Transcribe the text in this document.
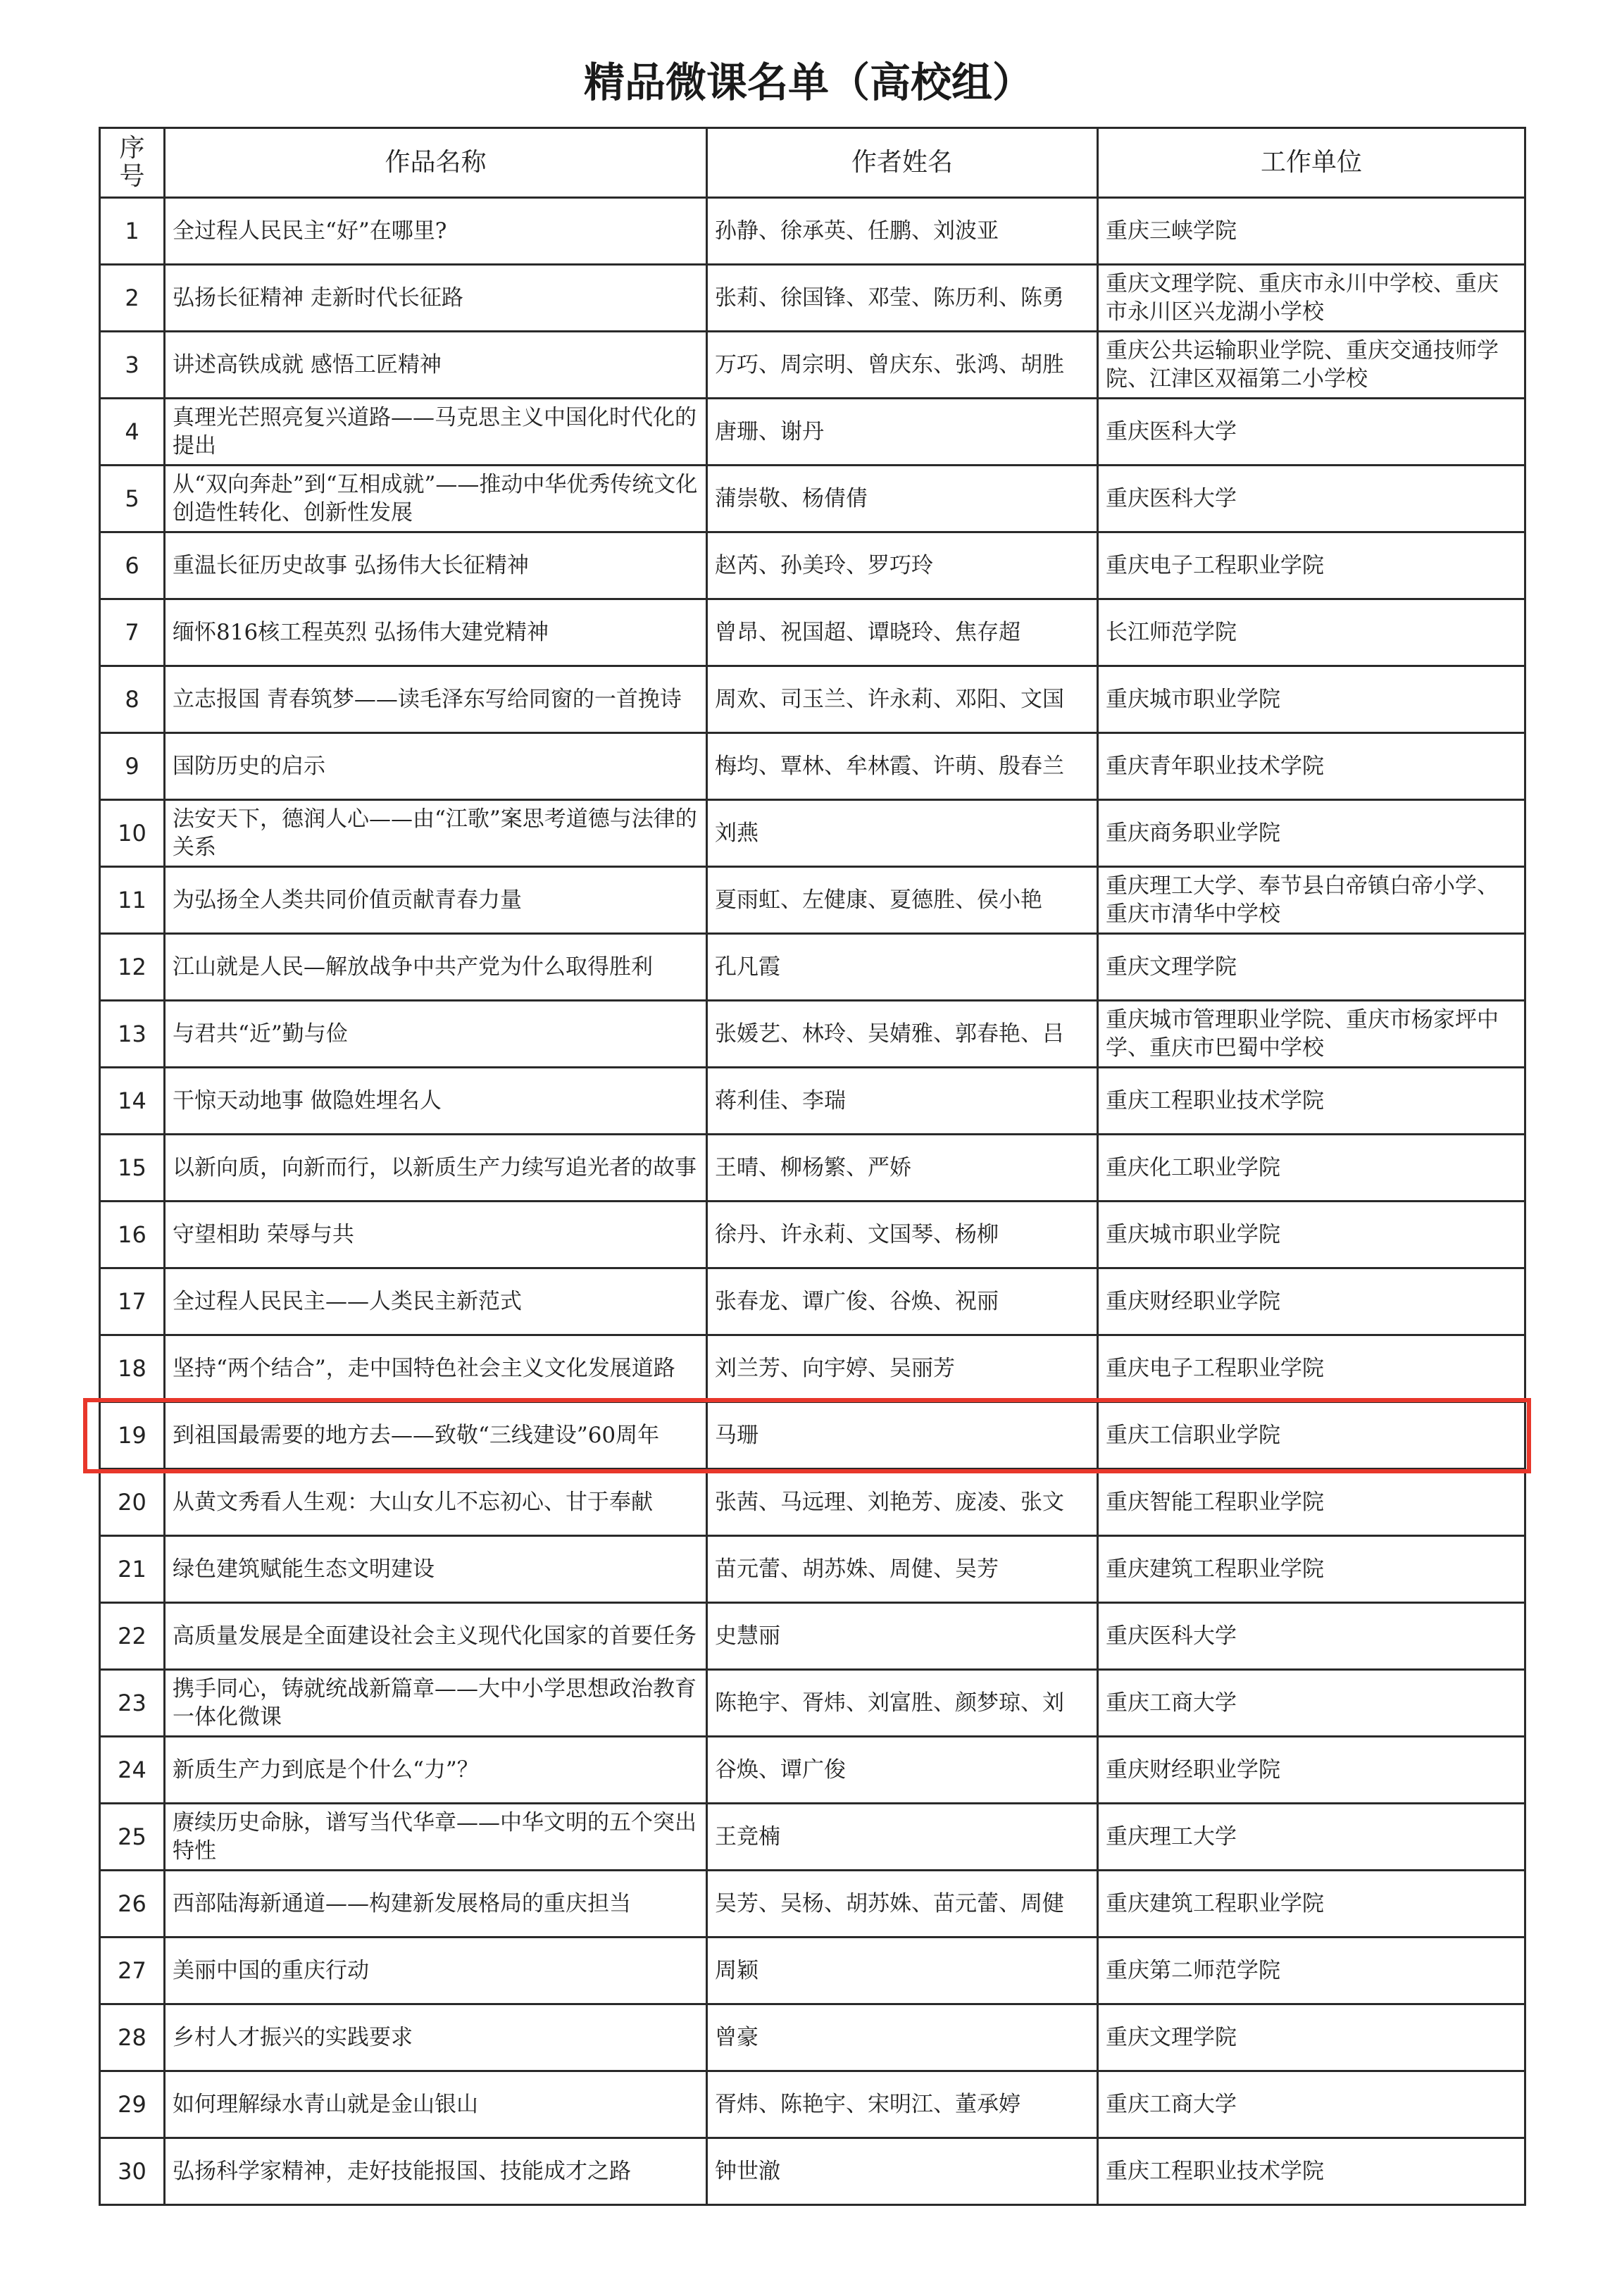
精品微课名单（高校组）
序号	作品名称	作者姓名	工作单位
1	全过程人民民主“好”在哪里?	孙静、徐承英、任鹏、刘波亚	重庆三峡学院

2	弘扬长征精神 走新时代长征路	张莉、徐国锋、邓莹、陈历利、陈勇	重庆文理学院、重庆市永川中学校、重庆市永川区兴龙湖小学校

3	讲述高铁成就 感悟工匠精神	万巧、周宗明、曾庆东、张鸿、胡胜	重庆公共运输职业学院、重庆交通技师学院、江津区双福第二小学校

4	真理光芒照亮复兴道路——马克思主义中国化时代化的提出	唐珊、谢丹	重庆医科大学

5	从“双向奔赴”到“互相成就”——推动中华优秀传统文化创造性转化、创新性发展	蒲崇敬、杨倩倩	重庆医科大学

6	重温长征历史故事 弘扬伟大长征精神	赵芮、孙美玲、罗巧玲	重庆电子工程职业学院

7	缅怀816核工程英烈 弘扬伟大建党精神	曾昂、祝国超、谭晓玲、焦存超	长江师范学院

8	立志报国 青春筑梦——读毛泽东写给同窗的一首挽诗	周欢、司玉兰、许永莉、邓阳、文国	重庆城市职业学院

9	国防历史的启示	梅均、覃林、牟林霞、许萌、殷春兰	重庆青年职业技术学院

10	法安天下，德润人心——由“江歌”案思考道德与法律的关系	刘燕	重庆商务职业学院

11	为弘扬全人类共同价值贡献青春力量	夏雨虹、左健康、夏德胜、侯小艳	重庆理工大学、奉节县白帝镇白帝小学、重庆市清华中学校

12	江山就是人民—解放战争中共产党为什么取得胜利	孔凡霞	重庆文理学院

13	与君共“近”勤与俭	张媛艺、林玲、吴婧雅、郭春艳、吕	重庆城市管理职业学院、重庆市杨家坪中学、重庆市巴蜀中学校

14	干惊天动地事 做隐姓埋名人	蒋利佳、李瑞	重庆工程职业技术学院

15	以新向质，向新而行，以新质生产力续写追光者的故事	王晴、柳杨繁、严娇	重庆化工职业学院

16	守望相助 荣辱与共	徐丹、许永莉、文国琴、杨柳	重庆城市职业学院

17	全过程人民民主——人类民主新范式	张春龙、谭广俊、谷焕、祝丽	重庆财经职业学院

18	坚持“两个结合”，走中国特色社会主义文化发展道路	刘兰芳、向宇婷、吴丽芳	重庆电子工程职业学院

19	到祖国最需要的地方去——致敬“三线建设”60周年	马珊	重庆工信职业学院

20	从黄文秀看人生观：大山女儿不忘初心、甘于奉献	张茜、马远理、刘艳芳、庞凌、张文	重庆智能工程职业学院

21	绿色建筑赋能生态文明建设	苗元蕾、胡苏姝、周健、吴芳	重庆建筑工程职业学院

22	高质量发展是全面建设社会主义现代化国家的首要任务	史慧丽	重庆医科大学

23	携手同心，铸就统战新篇章——大中小学思想政治教育一体化微课	陈艳宇、胥炜、刘富胜、颜梦琼、刘	重庆工商大学

24	新质生产力到底是个什么“力”？	谷焕、谭广俊	重庆财经职业学院

25	赓续历史命脉，谱写当代华章——中华文明的五个突出特性	王竞楠	重庆理工大学

26	西部陆海新通道——构建新发展格局的重庆担当	吴芳、吴杨、胡苏姝、苗元蕾、周健	重庆建筑工程职业学院

27	美丽中国的重庆行动	周颖	重庆第二师范学院

28	乡村人才振兴的实践要求	曾豪	重庆文理学院

29	如何理解绿水青山就是金山银山	胥炜、陈艳宇、宋明江、董承婷	重庆工商大学

30	弘扬科学家精神，走好技能报国、技能成才之路	钟世澈	重庆工程职业技术学院
